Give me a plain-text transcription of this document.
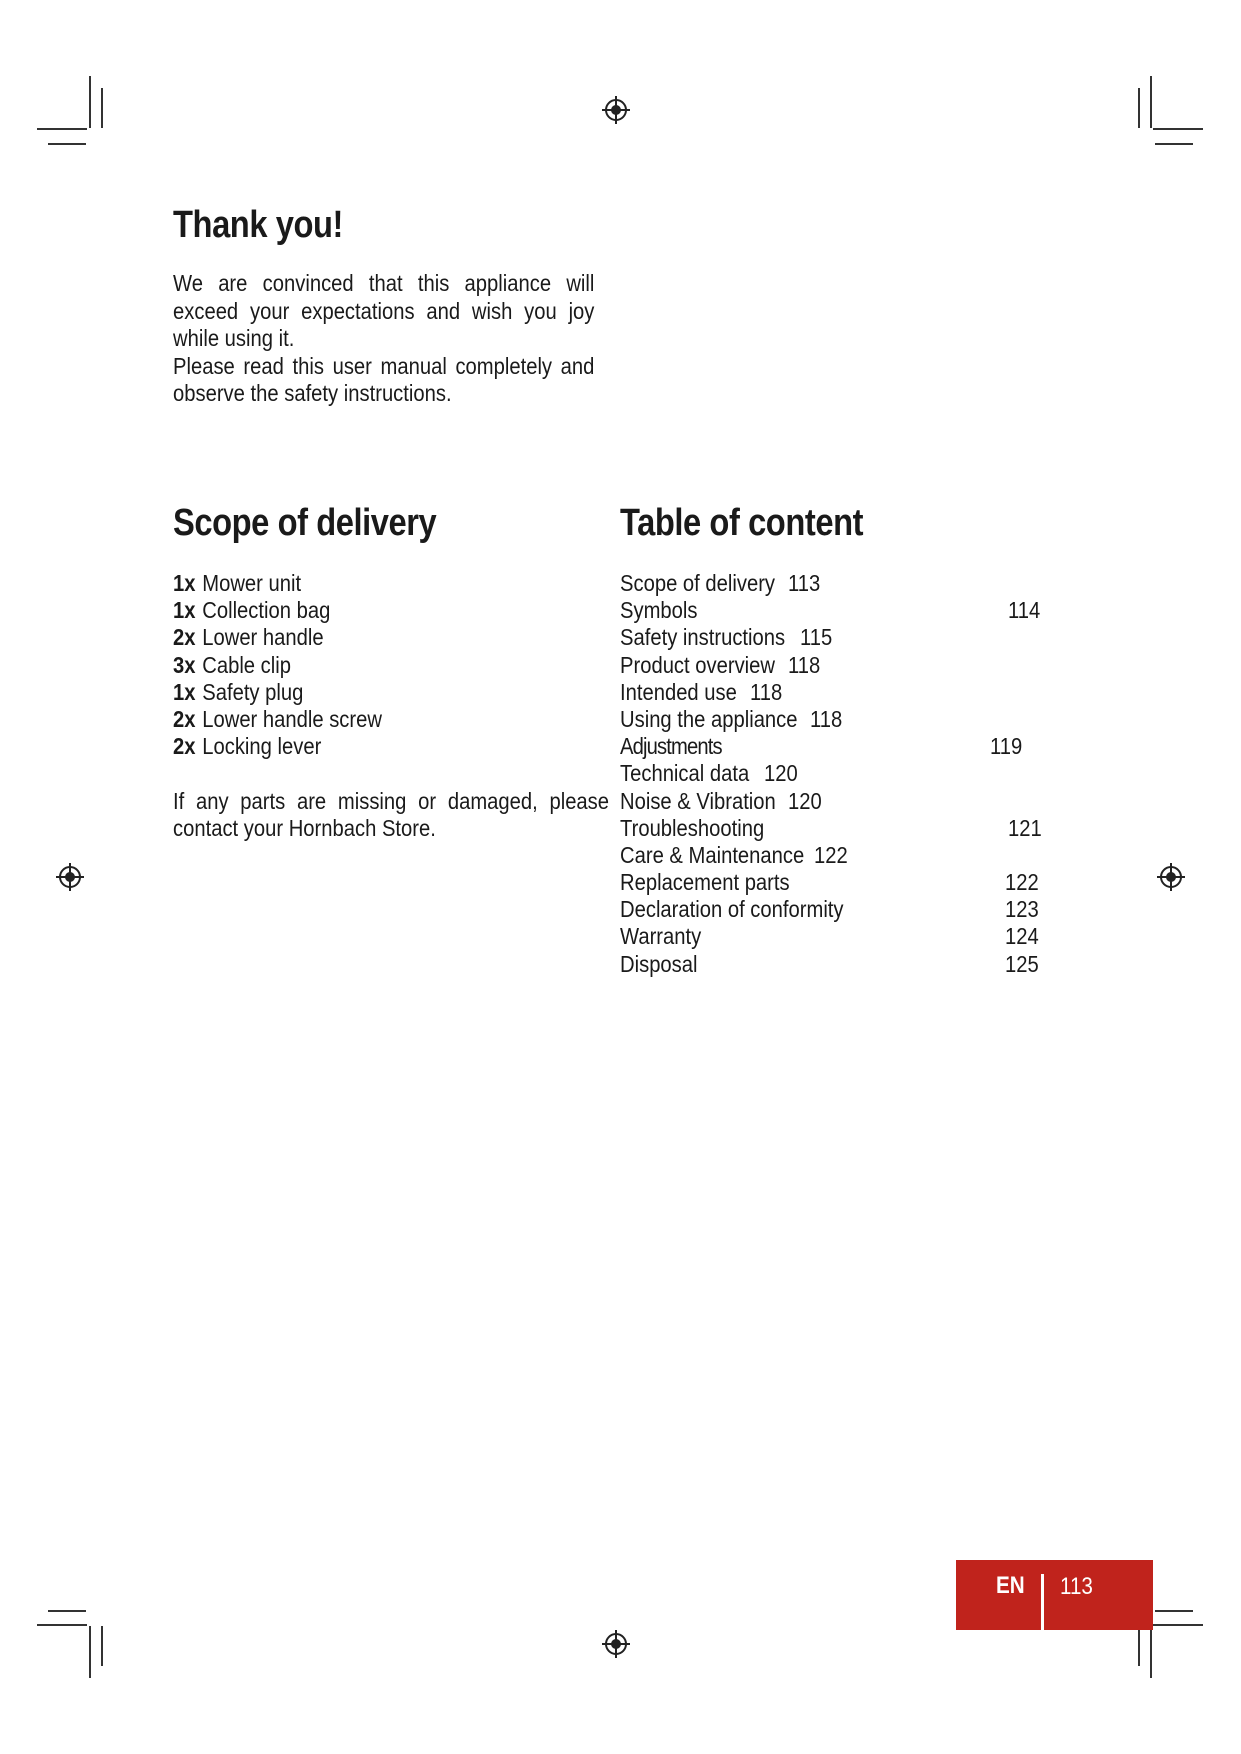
Thank you!

We are convinced that this appliance will exceed your expectations and wish you joy while using it.

Please read this user manual completely and observe the safety instructions.

Scope of delivery
1x Mower unit
1x Collection bag
2x Lower handle
3x Cable clip
1x Safety plug
2x Lower handle screw
2x Locking lever
If any parts are missing or damaged, please contact your Hornbach Store.
Table of content
Scope of delivery 113
Symbols	114
Safety instructions 115
Product overview 118
Intended use 118
Using the appliance 118
Adjustments	119
Technical data 120
Noise & Vibration 120
Troubleshooting	121
Care & Maintenance 122
Replacement parts	122
Declaration of conformity	123
Warranty	124
Disposal	125
EN 113
